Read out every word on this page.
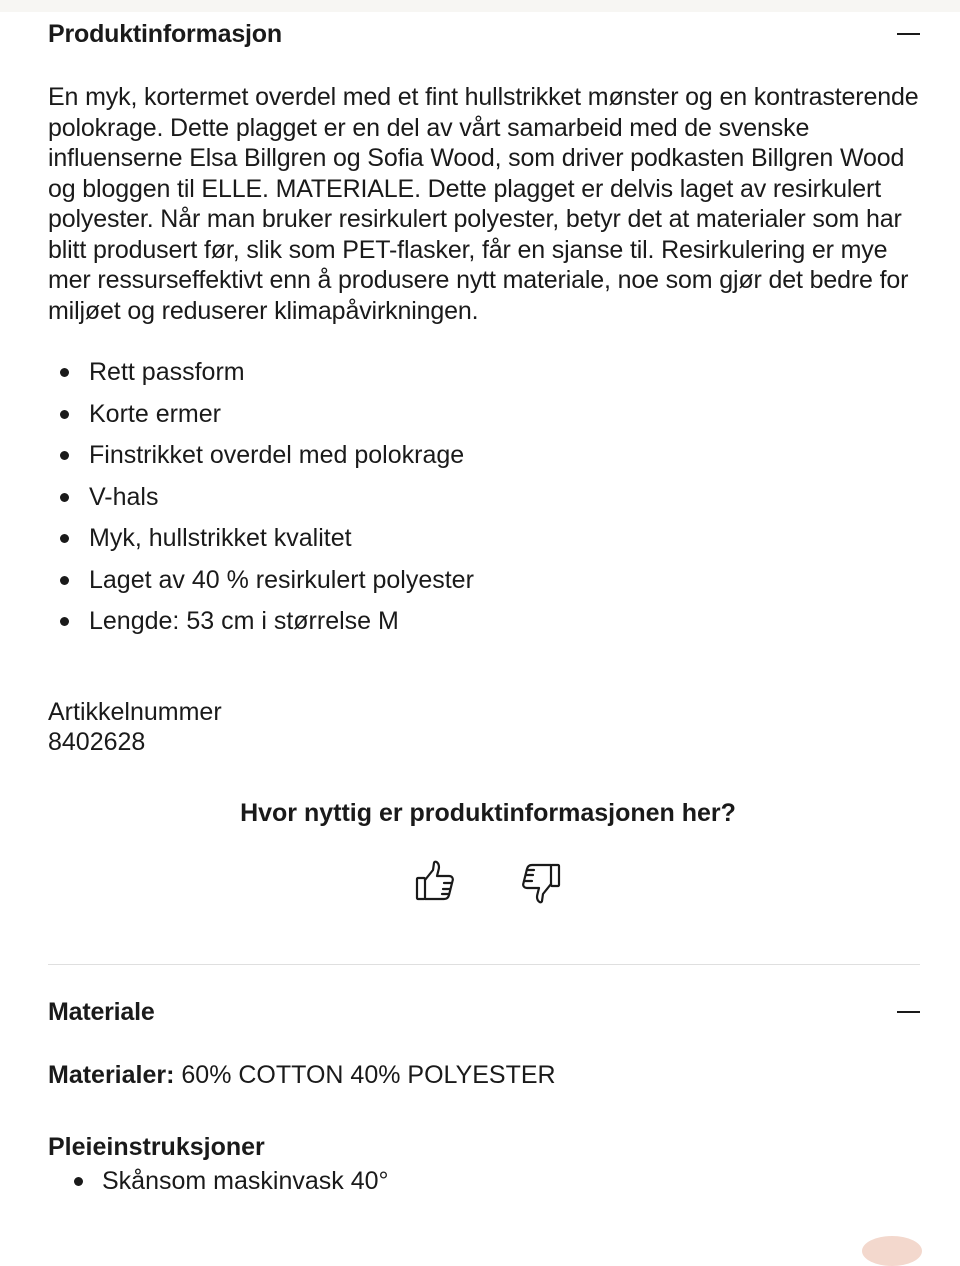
Produktinformasjon

En myk, kortermet overdel med et fint hullstrikket mønster og en kontrasterende polokrage. Dette plagget er en del av vårt samarbeid med de svenske influenserne Elsa Billgren og Sofia Wood, som driver podkasten Billgren Wood og bloggen til ELLE. MATERIALE. Dette plagget er delvis laget av resirkulert polyester. Når man bruker resirkulert polyester, betyr det at materialer som har blitt produsert før, slik som PET-flasker, får en sjanse til. Resirkulering er mye mer ressurseffektivt enn å produsere nytt materiale, noe som gjør det bedre for miljøet og reduserer klimapåvirkningen.

Rett passform
Korte ermer
Finstrikket overdel med polokrage
V-hals
Myk, hullstrikket kvalitet
Laget av 40 % resirkulert polyester
Lengde: 53 cm i størrelse M
Artikkelnummer
8402628
Hvor nyttig er produktinformasjonen her?
Materiale
Materialer: 60% COTTON 40% POLYESTER
Pleieinstruksjoner
Skånsom maskinvask 40°
